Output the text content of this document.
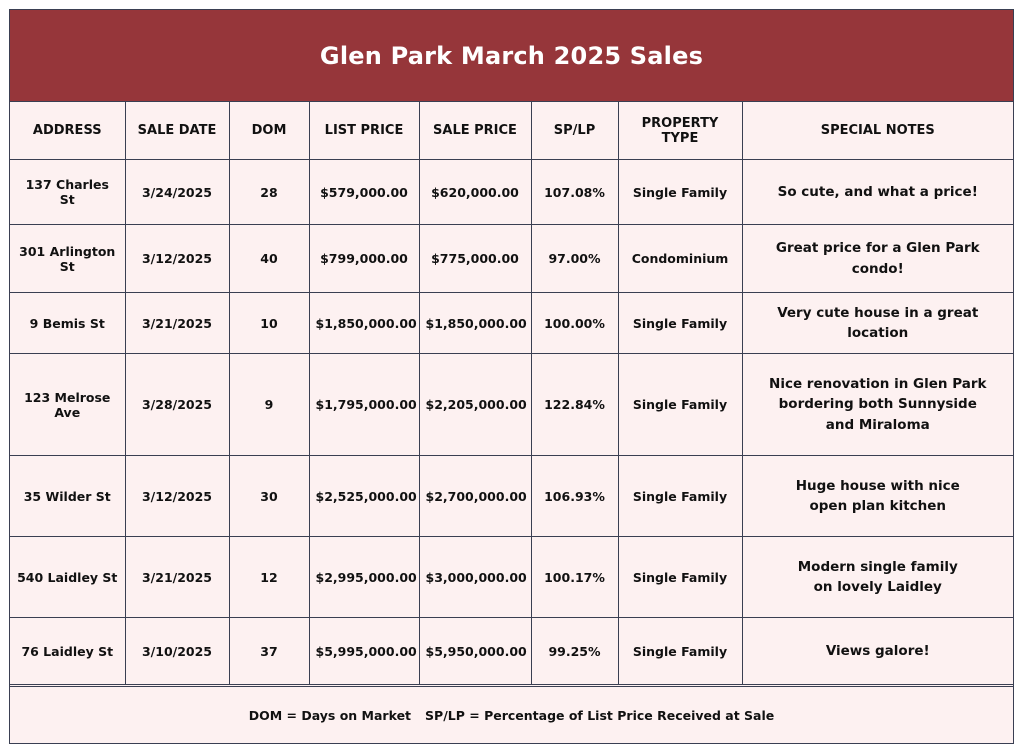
Glen Park March 2025 Sales
ADDRESS	SALE DATE	DOM	LIST PRICE	SALE PRICE	SP/LP	PROPERTY TYPE	SPECIAL NOTES
137 Charles St	3/24/2025	28	$579,000.00	$620,000.00	107.08%	Single Family	So cute, and what a price!

301 Arlington St	3/12/2025	40	$799,000.00	$775,000.00	97.00%	Condominium	Great price for a Glen Park condo!

9 Bemis St	3/21/2025	10	$1,850,000.00	$1,850,000.00	100.00%	Single Family	Very cute house in a great location

123 Melrose Ave	3/28/2025	9	$1,795,000.00	$2,205,000.00	122.84%	Single Family	Nice renovation in Glen Park
bordering both Sunnyside
and Miraloma

35 Wilder St	3/12/2025	30	$2,525,000.00	$2,700,000.00	106.93%	Single Family	Huge house with nice
open plan kitchen

540 Laidley St	3/21/2025	12	$2,995,000.00	$3,000,000.00	100.17%	Single Family	Modern single family
on lovely Laidley

76 Laidley St	3/10/2025	37	$5,995,000.00	$5,950,000.00	99.25%	Single Family	Views galore!
DOM = Days on Market SP/LP = Percentage of List Price Received at Sale
